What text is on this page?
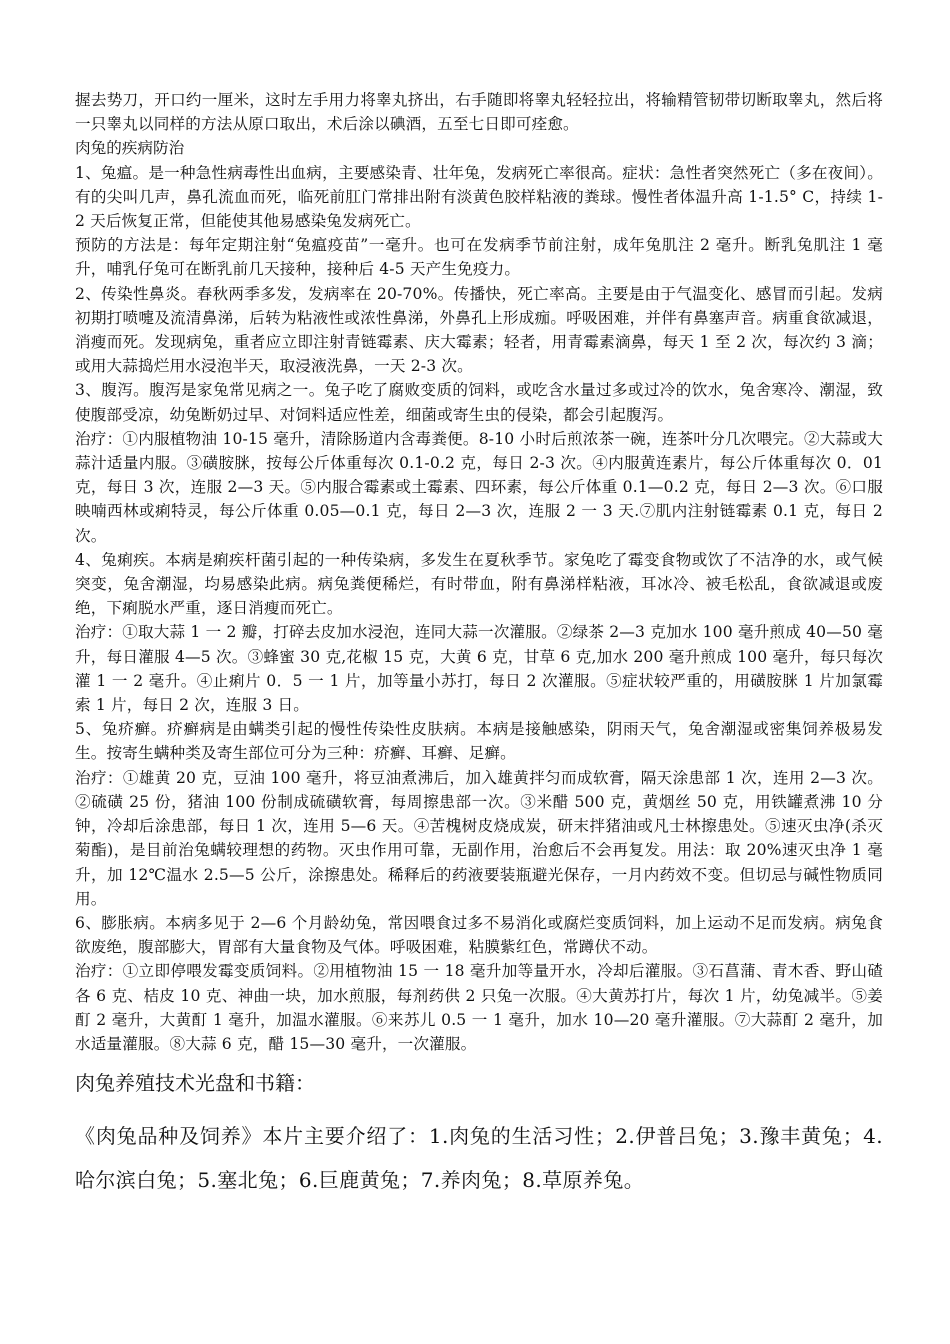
握去势刀，开口约一厘米，这时左手用力将睾丸挤出，右手随即将睾丸轻轻拉出，将输精管韧带切断取睾丸，然后将一只睾丸以同样的方法从原口取出，术后涂以碘酒，五至七日即可痊愈。

肉兔的疾病防治

1、兔瘟。是一种急性病毒性出血病，主要感染青、壮年兔，发病死亡率很高。症状：急性者突然死亡（多在夜间）。有的尖叫几声，鼻孔流血而死，临死前肛门常排出附有淡黄色胶样粘液的粪球。慢性者体温升高 1-1.5° C，持续 1-2 天后恢复正常，但能使其他易感染兔发病死亡。

预防的方法是：每年定期注射“兔瘟疫苗”一毫升。也可在发病季节前注射，成年兔肌注 2 毫升。断乳兔肌注 1 毫升，哺乳仔兔可在断乳前几天接种，接种后 4-5 天产生免疫力。

2、传染性鼻炎。春秋两季多发，发病率在 20-70%。传播快，死亡率高。主要是由于气温变化、感冒而引起。发病初期打喷嚏及流清鼻涕，后转为粘液性或浓性鼻涕，外鼻孔上形成痂。呼吸困难，并伴有鼻塞声音。病重食欲减退，消瘦而死。发现病兔，重者应立即注射青链霉素、庆大霉素；轻者，用青霉素滴鼻，每天 1 至 2 次，每次约 3 滴；或用大蒜捣烂用水浸泡半天，取浸液洗鼻，一天 2-3 次。

3、腹泻。腹泻是家兔常见病之一。兔子吃了腐败变质的饲料，或吃含水量过多或过冷的饮水，兔舍寒冷、潮湿，致使腹部受凉，幼兔断奶过早、对饲料适应性差，细菌或寄生虫的侵染，都会引起腹泻。

治疗：①内服植物油 10-15 毫升，清除肠道内含毒粪便。8-10 小时后煎浓茶一碗，连茶叶分几次喂完。②大蒜或大蒜汁适量内服。③磺胺脒，按每公斤体重每次 0.1-0.2 克，每日 2-3 次。④内服黄连素片，每公斤体重每次 0．01 克，每日 3 次，连服 2—3 天。⑤内服合霉素或土霉素、四环素，每公斤体重 0.1—0.2 克，每日 2—3 次。⑥口服映喃西林或痢特灵，每公斤体重 0.05—0.1 克，每日 2—3 次，连服 2 一 3 天.⑦肌内注射链霉素 0.1 克，每日 2 次。

4、兔痢疾。本病是痢疾杆菌引起的一种传染病，多发生在夏秋季节。家兔吃了霉变食物或饮了不洁净的水，或气候突变，兔舍潮湿，均易感染此病。病兔粪便稀烂，有时带血，附有鼻涕样粘液，耳冰冷、被毛松乱，食欲减退或废绝，下痢脱水严重，逐日消瘦而死亡。

治疗：①取大蒜 1 一 2 瓣，打碎去皮加水浸泡，连同大蒜一次灌服。②绿茶 2—3 克加水 100 毫升煎成 40—50 毫升，每日灌服 4—5 次。③蜂蜜 30 克,花椒 15 克，大黄 6 克，甘草 6 克,加水 200 毫升煎成 100 毫升，每只每次灌 1 一 2 毫升。④止痢片 0．5 一 1 片，加等量小苏打，每日 2 次灌服。⑤症状较严重的，用磺胺脒 1 片加氯霉索 1 片，每日 2 次，连服 3 日。

5、兔疥癣。疥癣病是由螨类引起的慢性传染性皮肤病。本病是接触感染，阴雨天气，兔舍潮湿或密集饲养极易发生。按寄生螨种类及寄生部位可分为三种：疥癣、耳癣、足癣。

治疗：①雄黄 20 克，豆油 100 毫升，将豆油煮沸后，加入雄黄拌匀而成软膏，隔天涂患部 1 次，连用 2—3 次。②硫磺 25 份，猪油 100 份制成硫磺软膏，每周擦患部一次。③米醋 500 克，黄烟丝 50 克，用铁罐煮沸 10 分钟，冷却后涂患部，每日 1 次，连用 5—6 天。④苦槐树皮烧成炭，研末拌猪油或凡士林擦患处。⑤速灭虫净(杀灭菊酯)，是目前治兔螨较理想的药物。灭虫作用可靠，无副作用，治愈后不会再复发。用法：取 20%速灭虫净 1 毫升，加 12℃温水 2.5—5 公斤，涂擦患处。稀释后的药液要装瓶避光保存，一月内药效不变。但切忌与碱性物质同用。

6、膨胀病。本病多见于 2—6 个月龄幼兔，常因喂食过多不易消化或腐烂变质饲料，加上运动不足而发病。病兔食欲废绝，腹部膨大，胃部有大量食物及气体。呼吸困难，粘膜紫红色，常蹲伏不动。

治疗：①立即停喂发霉变质饲料。②用植物油 15 一 18 毫升加等量开水，冷却后灌服。③石菖蒲、青木香、野山碴各 6 克、桔皮 10 克、神曲一块，加水煎服，每剂药供 2 只兔一次服。④大黄苏打片，每次 1 片，幼兔减半。⑤姜酊 2 毫升，大黄酊 1 毫升，加温水灌服。⑥来苏儿 0.5 一 1 毫升，加水 10—20 毫升灌服。⑦大蒜酊 2 毫升，加水适量灌服。⑧大蒜 6 克，醋 15—30 毫升，一次灌服。

肉兔养殖技术光盘和书籍：

《肉兔品种及饲养》本片主要介绍了：1.肉兔的生活习性；2.伊普吕兔；3.豫丰黄兔；4.哈尔滨白兔；5.塞北兔；6.巨鹿黄兔；7.养肉兔；8.草原养兔。
